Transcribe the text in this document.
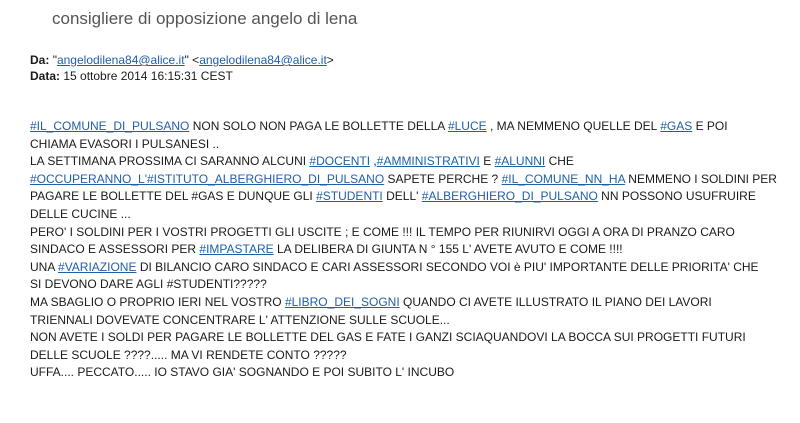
consigliere di opposizione angelo di lena
Da: "angelodilena84@alice.it" <angelodilena84@alice.it>
Data: 15 ottobre 2014 16:15:31 CEST
#IL_COMUNE_DI_PULSANO NON SOLO NON PAGA LE BOLLETTE DELLA #LUCE , MA NEMMENO QUELLE DEL #GAS E POI
CHIAMA EVASORI I PULSANESI ..
LA SETTIMANA PROSSIMA CI SARANNO ALCUNI #DOCENTI ,#AMMINISTRATIVI E #ALUNNI CHE
#OCCUPERANNO_L'#ISTITUTO_ALBERGHIERO_DI_PULSANO SAPETE PERCHE ? #IL_COMUNE_NN_HA NEMMENO I SOLDINI PER
PAGARE LE BOLLETTE DEL #GAS E DUNQUE GLI #STUDENTI DELL' #ALBERGHIERO_DI_PULSANO NN POSSONO USUFRUIRE
DELLE CUCINE ...
PERO' I SOLDINI PER I VOSTRI PROGETTI GLI USCITE ; E COME !!! IL TEMPO PER RIUNIRVI OGGI A ORA DI PRANZO CARO
SINDACO E ASSESSORI PER #IMPASTARE LA DELIBERA DI GIUNTA N ° 155 L' AVETE AVUTO E COME !!!!
UNA #VARIAZIONE DI BILANCIO CARO SINDACO E CARI ASSESSORI SECONDO VOI è PIU' IMPORTANTE DELLE PRIORITA' CHE
SI DEVONO DARE AGLI #STUDENTI?????
MA SBAGLIO O PROPRIO IERI NEL VOSTRO #LIBRO_DEI_SOGNI QUANDO CI AVETE ILLUSTRATO IL PIANO DEI LAVORI
TRIENNALI DOVEVATE CONCENTRARE L' ATTENZIONE SULLE SCUOLE...
NON AVETE I SOLDI PER PAGARE LE BOLLETTE DEL GAS E FATE I GANZI SCIAQUANDOVI LA BOCCA SUI PROGETTI FUTURI
DELLE SCUOLE ????..... MA VI RENDETE CONTO ?????
UFFA.... PECCATO..... IO STAVO GIA' SOGNANDO E POI SUBITO L' INCUBO
